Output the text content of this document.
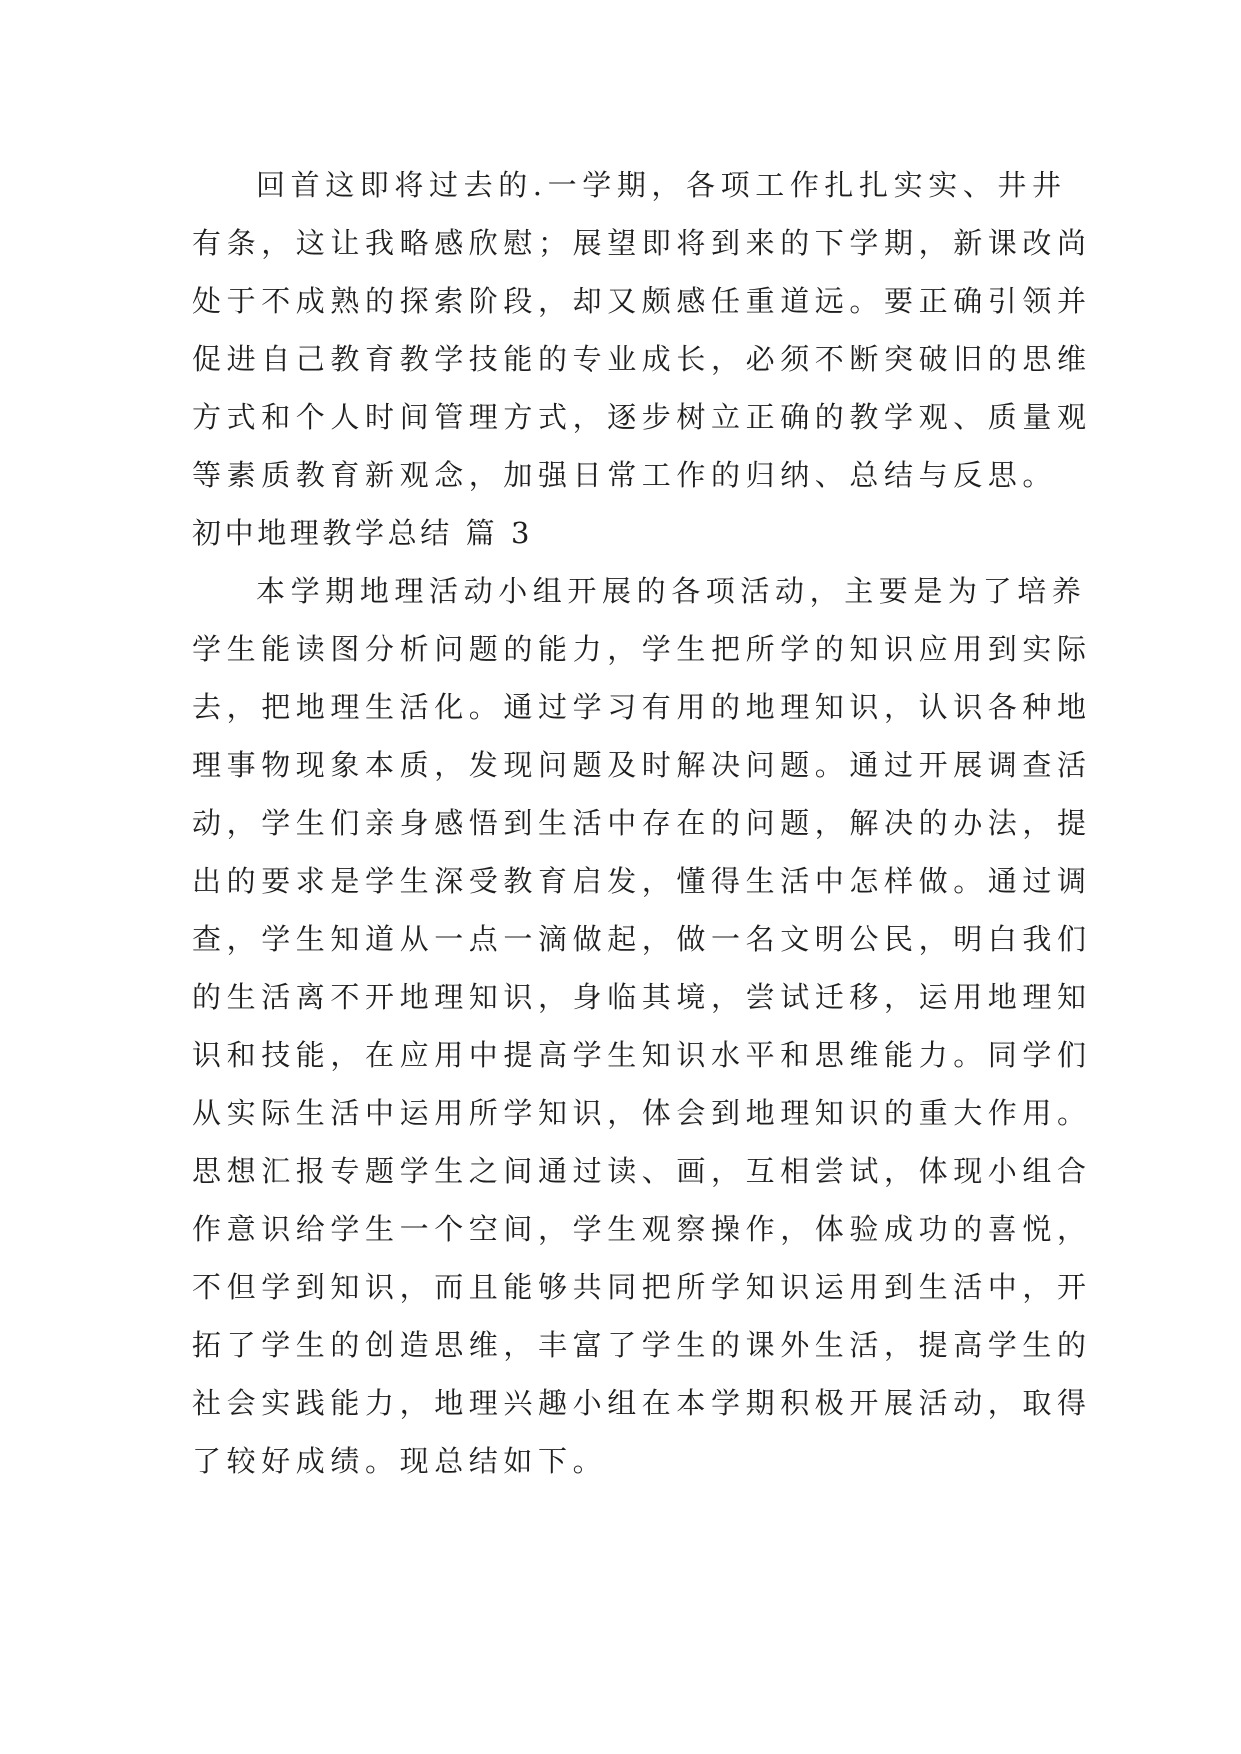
回首这即将过去的.一学期，各项工作扎扎实实、井井
有条，这让我略感欣慰；展望即将到来的下学期，新课改尚
处于不成熟的探索阶段，却又颇感任重道远。要正确引领并
促进自己教育教学技能的专业成长，必须不断突破旧的思维
方式和个人时间管理方式，逐步树立正确的教学观、质量观
等素质教育新观念，加强日常工作的归纳、总结与反思。
初中地理教学总结 篇 3
本学期地理活动小组开展的各项活动，主要是为了培养
学生能读图分析问题的能力，学生把所学的知识应用到实际
去，把地理生活化。通过学习有用的地理知识，认识各种地
理事物现象本质，发现问题及时解决问题。通过开展调查活
动，学生们亲身感悟到生活中存在的问题，解决的办法，提
出的要求是学生深受教育启发，懂得生活中怎样做。通过调
查，学生知道从一点一滴做起，做一名文明公民，明白我们
的生活离不开地理知识，身临其境，尝试迁移，运用地理知
识和技能，在应用中提高学生知识水平和思维能力。同学们
从实际生活中运用所学知识，体会到地理知识的重大作用。
思想汇报专题学生之间通过读、画，互相尝试，体现小组合
作意识给学生一个空间，学生观察操作，体验成功的喜悦，
不但学到知识，而且能够共同把所学知识运用到生活中，开
拓了学生的创造思维，丰富了学生的课外生活，提高学生的
社会实践能力，地理兴趣小组在本学期积极开展活动，取得
了较好成绩。现总结如下。
